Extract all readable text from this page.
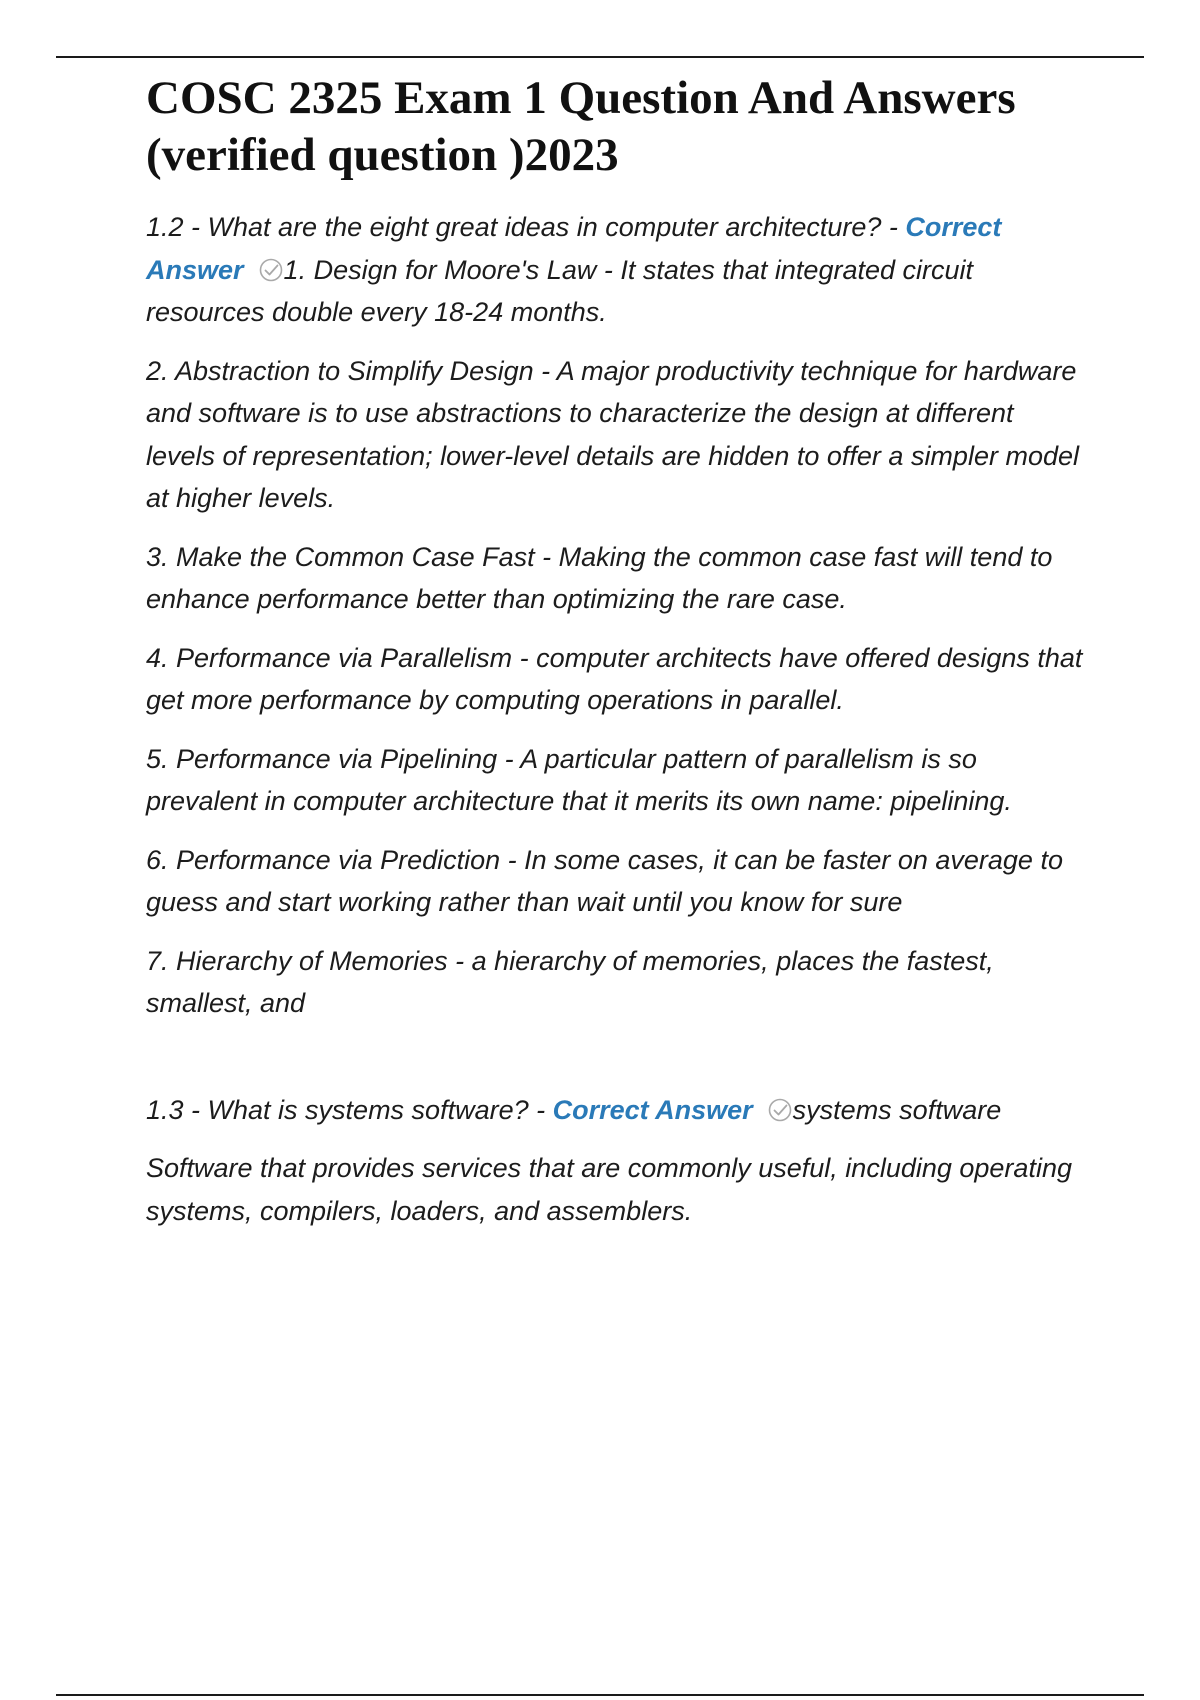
COSC 2325 Exam 1 Question And Answers (verified question )2023

1.2 - What are the eight great ideas in computer architecture? - Correct Answer 1. Design for Moore's Law - It states that integrated circuit resources double every 18-24 months.

2. Abstraction to Simplify Design - A major productivity technique for hardware and software is to use abstractions to characterize the design at different levels of representation; lower-level details are hidden to offer a simpler model at higher levels.

3. Make the Common Case Fast - Making the common case fast will tend to enhance performance better than optimizing the rare case.

4. Performance via Parallelism - computer architects have offered designs that get more performance by computing operations in parallel.

5. Performance via Pipelining - A particular pattern of parallelism is so prevalent in computer architecture that it merits its own name: pipelining.

6. Performance via Prediction - In some cases, it can be faster on average to guess and start working rather than wait until you know for sure

7. Hierarchy of Memories - a hierarchy of memories, places the fastest, smallest, and

1.3 - What is systems software? - Correct Answer systems software

Software that provides services that are commonly useful, including operating systems, compilers, loaders, and assemblers.
